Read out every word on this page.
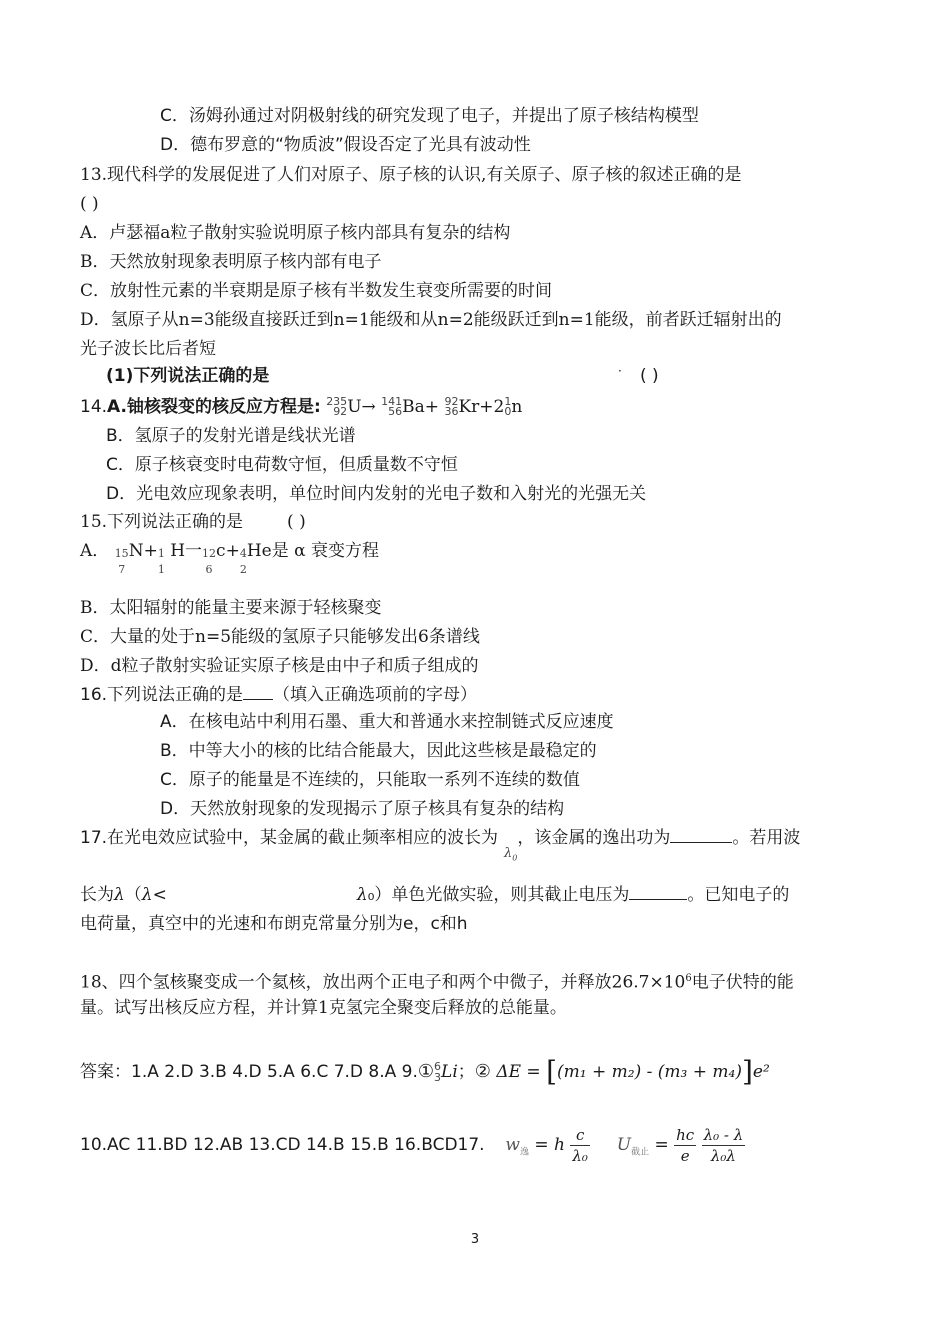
C．汤姆孙通过对阴极射线的研究发现了电子，并提出了原子核结构模型
D．德布罗意的“物质波”假设否定了光具有波动性
13.现代科学的发展促进了人们对原子、原子核的认识,有关原子、原子核的叙述正确的是
( )
A．卢瑟福a粒子散射实验说明原子核内部具有复杂的结构
B．天然放射现象表明原子核内部有电子
C．放射性元素的半衰期是原子核有半数发生衰变所需要的时间
D．氢原子从n=3能级直接跃迁到n=1能级和从n=2能级跃迁到n=1能级，前者跃迁辐射出的
光子波长比后者短
(1)下列说法正确的是	· ( )
14.A.铀核裂变的核反应方程是: 235
92 U→ 141
56 Ba+ 92
36 Kr+2 1
0 n
B．氢原子的发射光谱是线状光谱
C．原子核衰变时电荷数守恒，但质量数不守恒
D．光电效应现象表明，单位时间内发射的光电子数和入射光的光强无关
15.下列说法正确的是	( )
A． 15
7
N+ 1
1
H一 12
6
c+ 4
2
He是 α 衰变方程
B．太阳辐射的能量主要来源于轻核聚变
C．大量的处于n=5能级的氢原子只能够发出6条谱线
D．d粒子散射实验证实原子核是由中子和质子组成的
16.下列说法正确的是 （填入正确选项前的字母）
A．在核电站中利用石墨、重大和普通水来控制链式反应速度
B．中等大小的核的比结合能最大，因此这些核是最稳定的
C．原子的能量是不连续的，只能取一系列不连续的数值
D．天然放射现象的发现揭示了原子核具有复杂的结构
17.在光电效应试验中，某金属的截止频率相应的波长为$_{\lambda_0}$，该金属的逸出功为	。若用波
长为λ（λ<	λ₀）单色光做实验，则其截止电压为	。已知电子的
电荷量，真空中的光速和布朗克常量分别为e，c和h
18、四个氢核聚变成一个氦核，放出两个正电子和两个中微子，并释放$26.7\times 10^6$电子伏特的能
量。试写出核反应方程，并计算1克氢完全聚变后释放的总能量。
答案：1.A 2.D 3.B 4.D 5.A 6.C 7.D 8.A 9.① 6
3 Li；② ΔE = [(m₁ + m₂) - (m₃ + m₄)]e²
10.AC 11.BD 12.AB 13.CD 14.B 15.B 16.BCD17. $w_逸 = h \frac{c}{\text{λ₀}} U_{截止} = \frac{hc}{e}$
$\frac{\text{λ₀ - λ}}{\text{λ₀λ}}$
3
